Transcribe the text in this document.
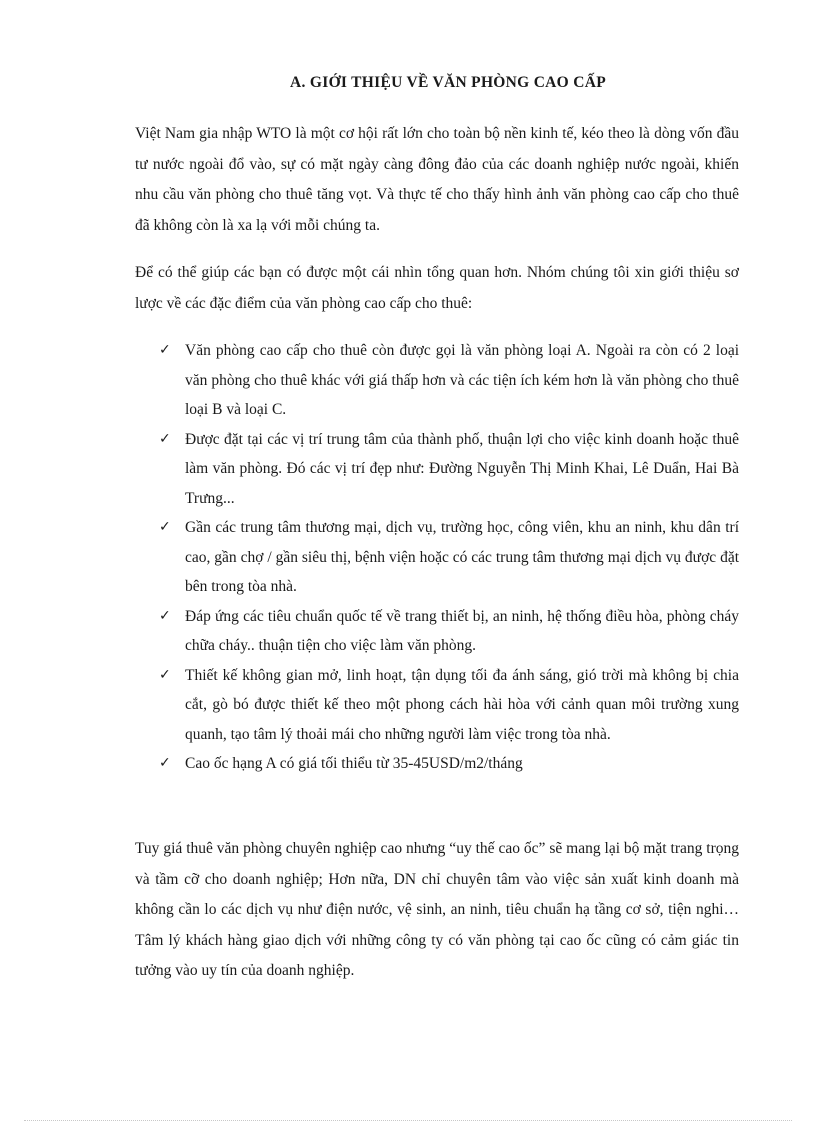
A. GIỚI THIỆU VỀ VĂN PHÒNG CAO CẤP

Việt Nam gia nhập WTO là một cơ hội rất lớn cho toàn bộ nền kinh tế, kéo theo là dòng vốn đầu tư nước ngoài đổ vào, sự có mặt ngày càng đông đảo của các doanh nghiệp nước ngoài, khiến nhu cầu văn phòng cho thuê tăng vọt. Và thực tế cho thấy hình ảnh văn phòng cao cấp cho thuê đã không còn là xa lạ với mỗi chúng ta.

Để có thể giúp các bạn có được một cái nhìn tổng quan hơn. Nhóm chúng tôi xin giới thiệu sơ lược về các đặc điểm của văn phòng cao cấp cho thuê:

✓ Văn phòng cao cấp cho thuê còn được gọi là văn phòng loại A. Ngoài ra còn có 2 loại văn phòng cho thuê khác với giá thấp hơn và các tiện ích kém hơn là văn phòng cho thuê loại B và loại C.
✓ Được đặt tại các vị trí trung tâm của thành phố, thuận lợi cho việc kinh doanh hoặc thuê làm văn phòng. Đó các vị trí đẹp như: Đường Nguyễn Thị Minh Khai, Lê Duẩn, Hai Bà Trưng...
✓ Gần các trung tâm thương mại, dịch vụ, trường học, công viên, khu an ninh, khu dân trí cao, gần chợ / gần siêu thị, bệnh viện hoặc có các trung tâm thương mại dịch vụ được đặt bên trong tòa nhà.
✓ Đáp ứng các tiêu chuẩn quốc tế về trang thiết bị, an ninh, hệ thống điều hòa, phòng cháy chữa cháy.. thuận tiện cho việc làm văn phòng.
✓ Thiết kế không gian mở, linh hoạt, tận dụng tối đa ánh sáng, gió trời mà không bị chia cắt, gò bó được thiết kế theo một phong cách hài hòa với cảnh quan môi trường xung quanh, tạo tâm lý thoải mái cho những người làm việc trong tòa nhà.
✓ Cao ốc hạng A có giá tối thiểu từ 35-45USD/m2/tháng

Tuy giá thuê văn phòng chuyên nghiệp cao nhưng “uy thế cao ốc” sẽ mang lại bộ mặt trang trọng và tầm cỡ cho doanh nghiệp; Hơn nữa, DN chỉ chuyên tâm vào việc sản xuất kinh doanh mà không cần lo các dịch vụ như điện nước, vệ sinh, an ninh, tiêu chuẩn hạ tầng cơ sở, tiện nghi… Tâm lý khách hàng giao dịch với những công ty có văn phòng tại cao ốc cũng có cảm giác tin tưởng vào uy tín của doanh nghiệp.
